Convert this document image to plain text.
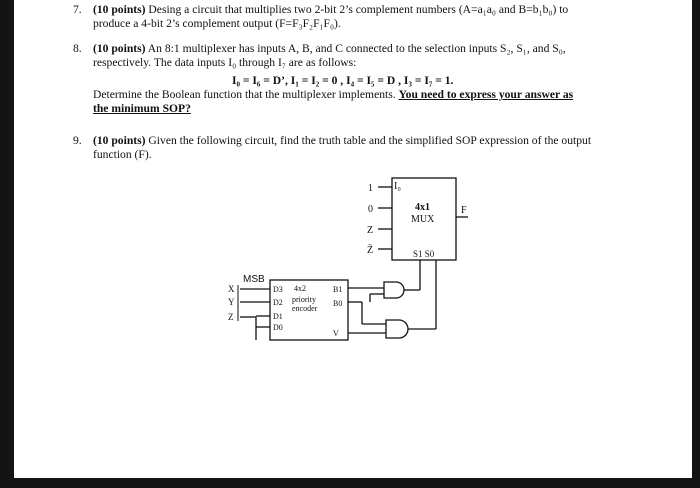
7. (10 points) Desing a circuit that multiplies two 2-bit 2’s complement numbers (A=a₁a₀ and B=b₁b₀) to
produce a 4-bit 2’s complement output (F=F₃F₂F₁F₀).
8. (10 points) An 8:1 multiplexer has inputs A, B, and C connected to the selection inputs S₂, S₁, and S₀,
respectively. The data inputs I₀ through I₇ are as follows:
I₀ = I₆ = D’, I₁ = I₂ = 0 , I₄ = I₅ = D , I₃ = I₇ = 1.
Determine the Boolean function that the multiplexer implements. You need to express your answer as
the minimum SOP?
9. (10 points) Given the following circuit, find the truth table and the simplified SOP expression of the output
function (F).
1
0
Z
Z̄
I₀
4x1
MUX
S1 S0
F
MSB
X
Y
Z
D3
D2
D1
D0
4x2
priority
encoder
B1
B0
V
